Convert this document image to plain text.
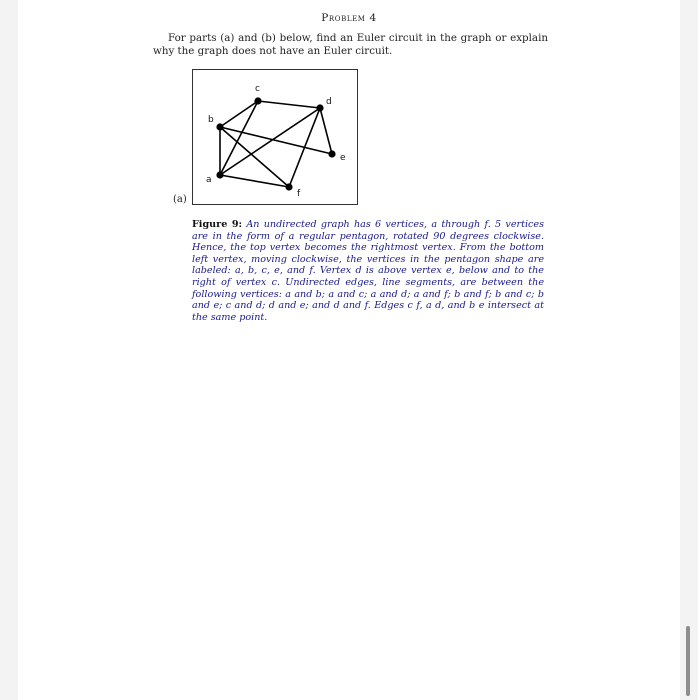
Problem 4
For parts (a) and (b) below, find an Euler circuit in the graph or explain why the graph does not have an Euler circuit.
a
b
c
d
e
f
(a)
Figure 9: An undirected graph has 6 vertices, a through f. 5 vertices are in the form of a regular pentagon, rotated 90 degrees clockwise. Hence, the top vertex becomes the rightmost vertex. From the bottom left vertex, moving clockwise, the vertices in the pentagon shape are labeled: a, b, c, e, and f. Vertex d is above vertex e, below and to the right of vertex c. Undirected edges, line segments, are between the following vertices: a and b; a and c; a and d; a and f; b and f; b and c; b and e; c and d; d and e; and d and f. Edges c f, a d, and b e intersect at the same point.
